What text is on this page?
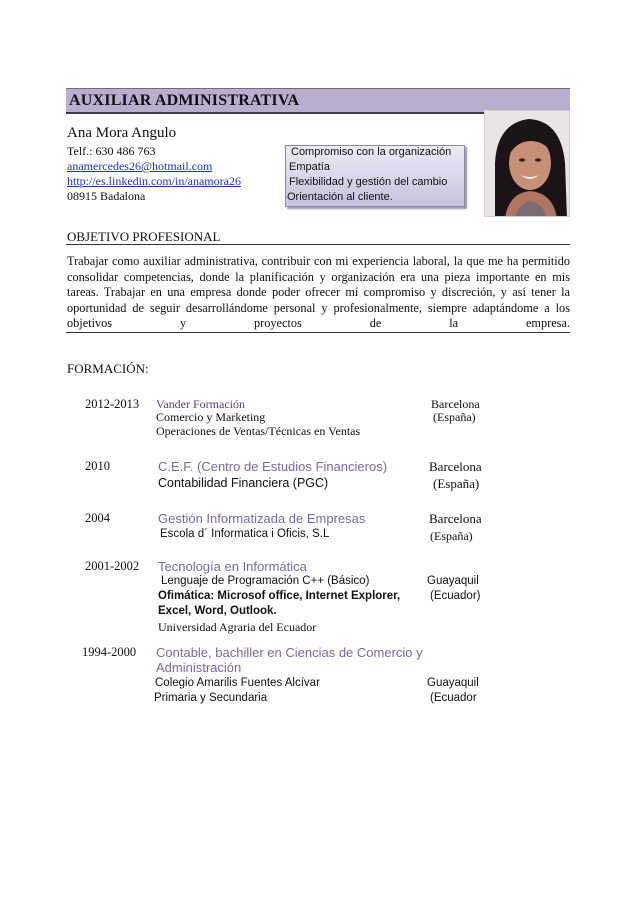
AUXILIAR ADMINISTRATIVA
Ana Mora Angulo
Telf.: 630 486 763
anamercedes26@hotmail.com
http://es.linkedin.com/in/anamora26
08915 Badalona
Compromiso con la organización
Empatía
Flexibilidad y gestión del cambio
Orientación al cliente.
OBJETIVO PROFESIONAL
Trabajar como auxiliar administrativa, contribuir con mi experiencia laboral, la que me ha permitido consolidar competencias, donde la planificación y organización era una pieza importante en mis tareas. Trabajar en una empresa donde poder ofrecer mí compromiso y discreción, y así tener la oportunidad de seguir desarrollándome personal y profesionalmente, siempre adaptándome a los objetivos y proyectos de la empresa.
FORMACIÓN:
2012-2013 Vander Formación
Comercio y Marketing
Operaciones de Ventas/Técnicas en Ventas
Barcelona
(España)
2010	C.E.F. (Centro de Estudios Financieros)
Contabilidad Financiera (PGC)
Barcelona
(España)
2004	Gestión Informatizada de Empresas
Escola d´ Informatica i Oficis, S.L
Barcelona
(España)
2001-2002 Tecnología en Informática
Lenguaje de Programación C++ (Básico)
Ofimática: Microsof office, Internet Explorer,
Excel, Word, Outlook.
Universidad Agraria del Ecuador
Guayaquil
(Ecuador)
1994-2000 Contable, bachiller en Ciencias de Comercio y
Administración
Colegio Amarilis Fuentes Alcívar
Primaria y Secundaria
Guayaquil
(Ecuador
